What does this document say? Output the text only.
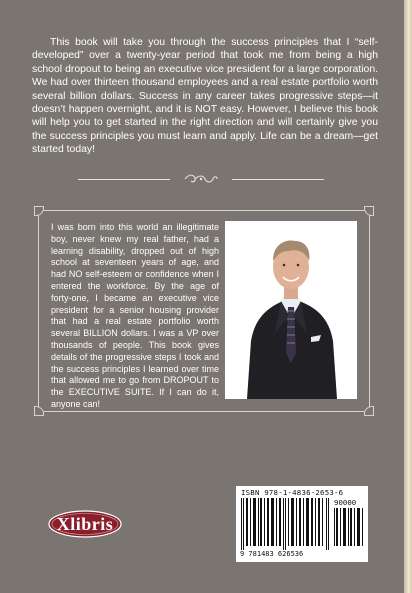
This book will take you through the success principles that I “self-developed” over a twenty-year period that took me from being a high school dropout to being an executive vice president for a large corporation. We had over thirteen thousand employees and a real estate portfolio worth several billion dollars. Success in any career takes progressive steps—it doesn’t happen overnight, and it is NOT easy. However, I believe this book will help you to get started in the right direction and will certainly give you the success principles you must learn and apply. Life can be a dream—get started today!

I was born into this world an illegitimate boy, never knew my real father, had a learning disability, dropped out of high school at seventeen years of age, and had NO self-esteem or confidence when I entered the workforce. By the age of forty-one, I became an executive vice president for a senior housing provider that had a real estate portfolio worth several BILLION dollars. I was a VP over thousands of people. This book gives details of the progressive steps I took and the success principles I learned over time that allowed me to go from DROPOUT to the EXECUTIVE SUITE. If I can do it, anyone can!

Xlibris
ISBN 978-1-4836-2653-6
90000
9 781483 626536
